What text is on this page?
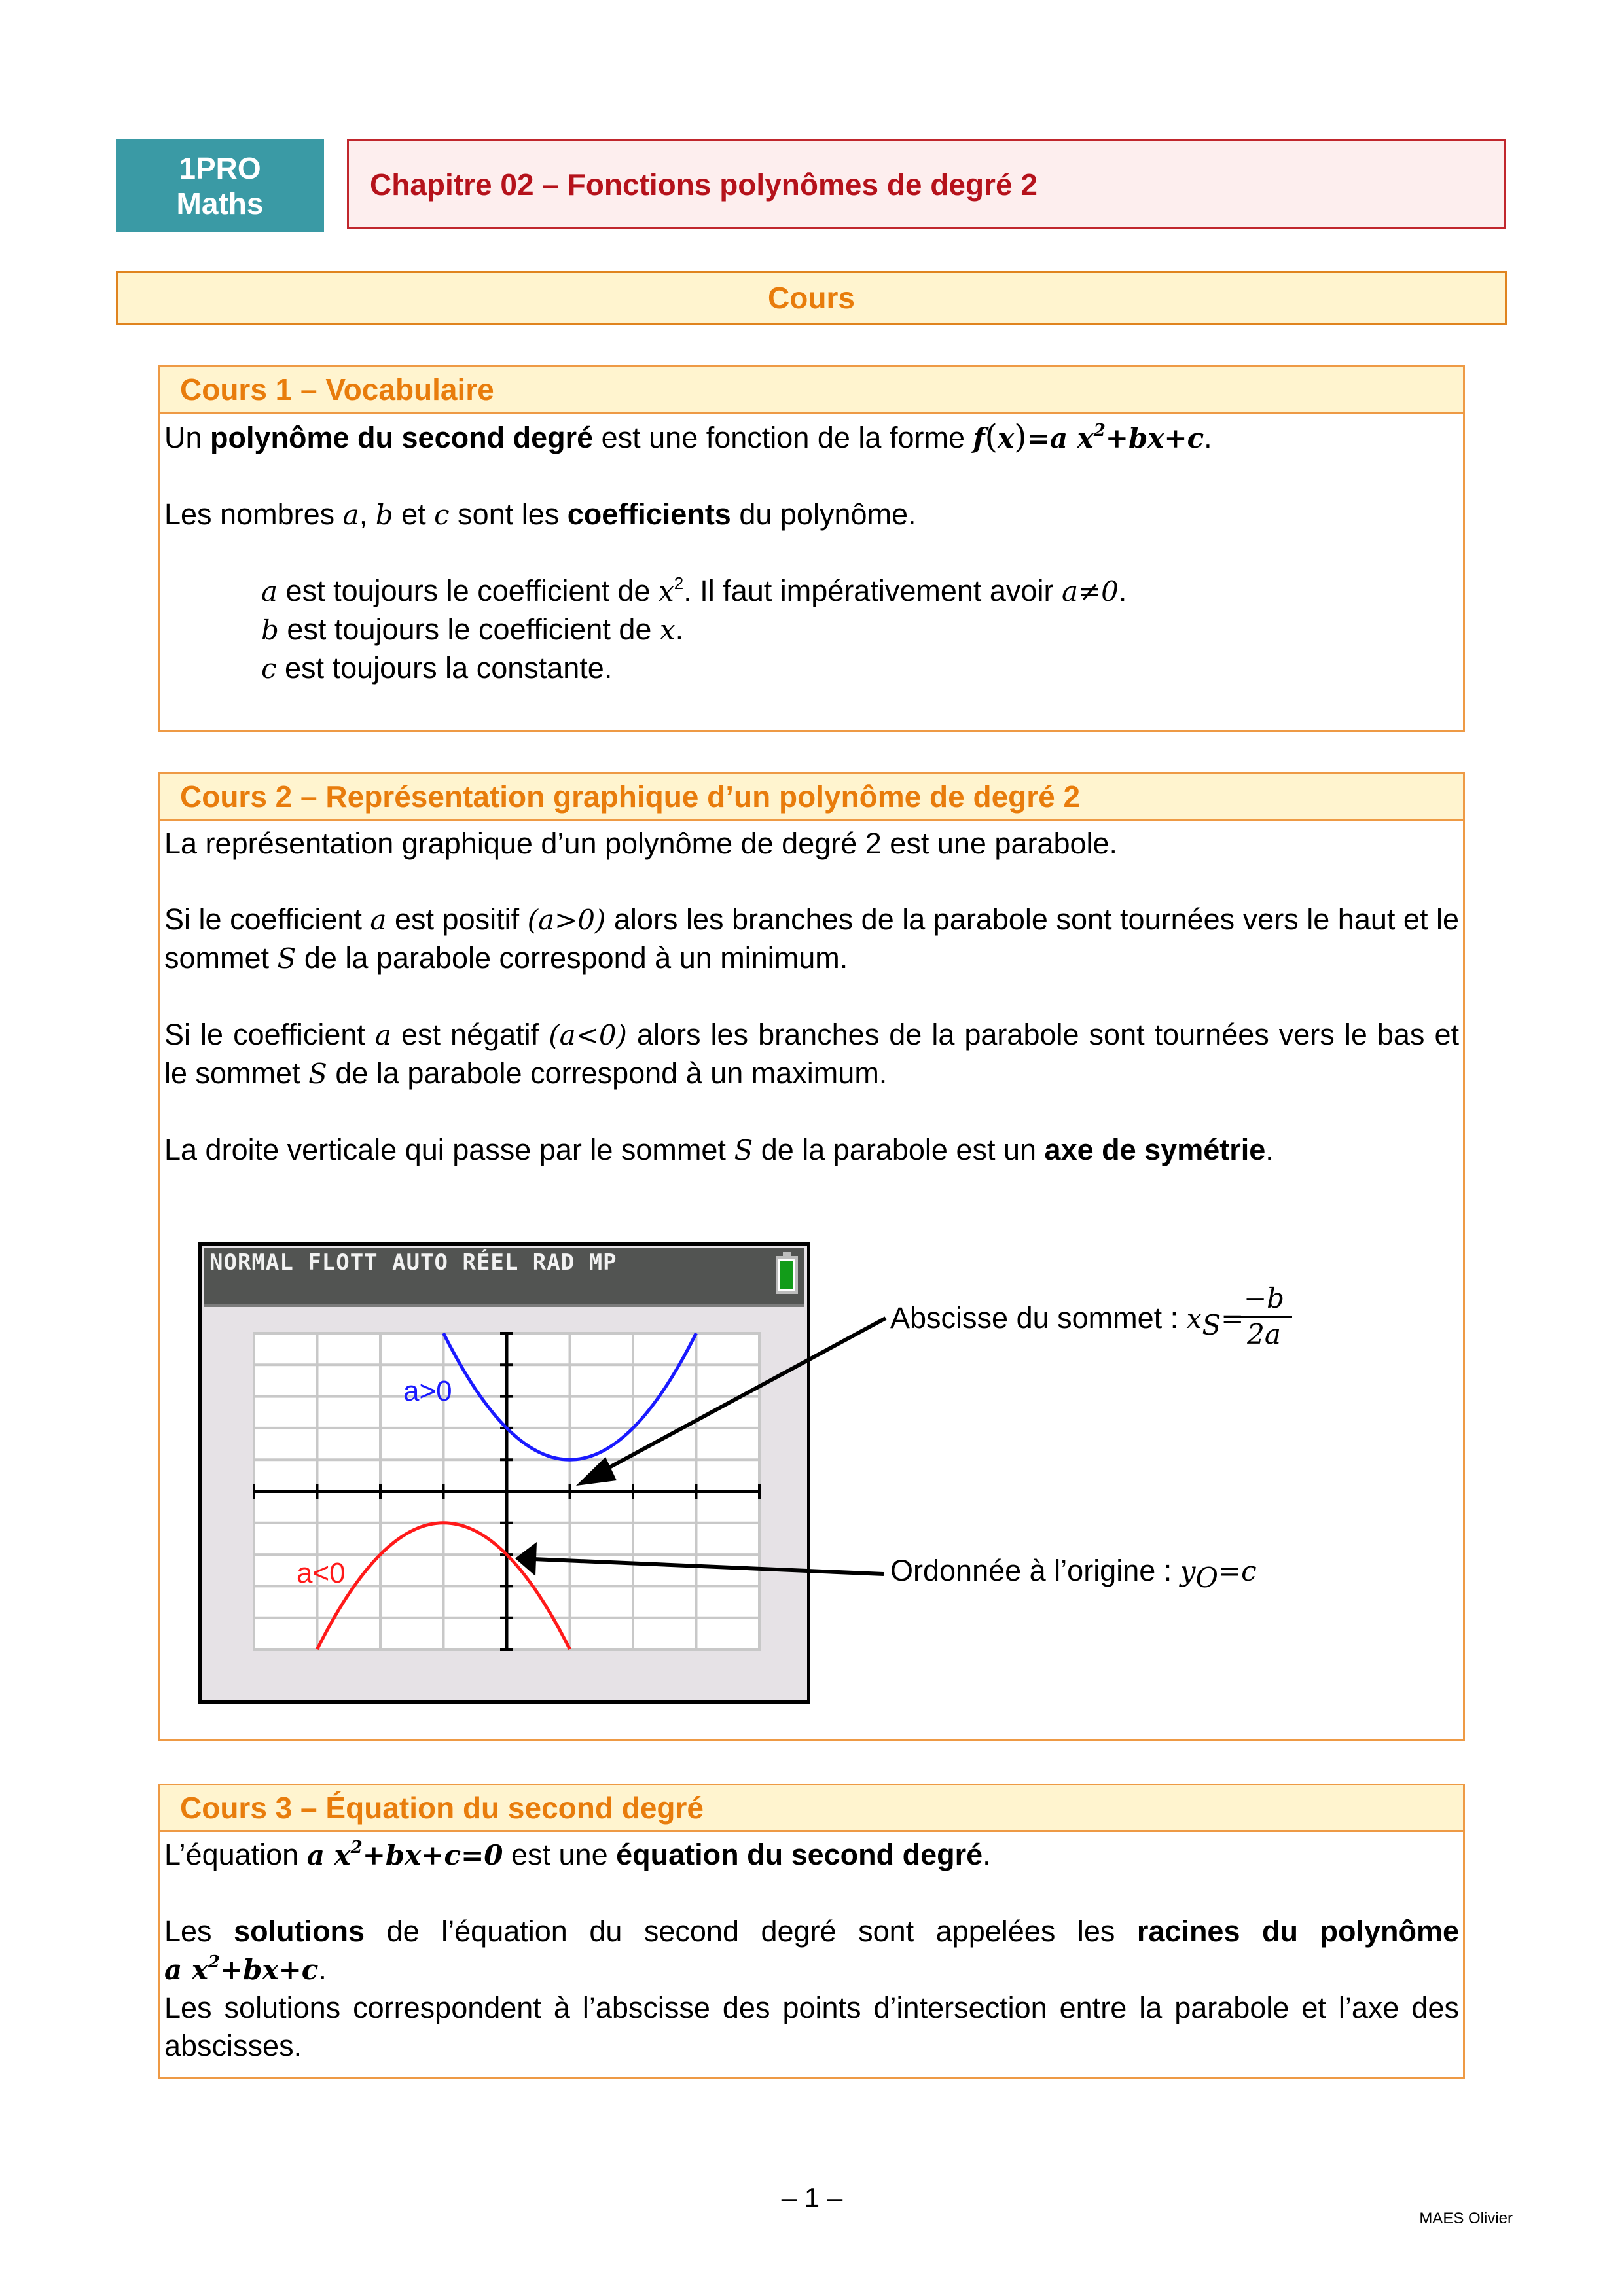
1PRO
Maths
Chapitre 02 – Fonctions polynômes de degré 2
Cours
Cours 1 – Vocabulaire

Un polynôme du second degré est une fonction de la forme f(x)=a $x^2+bx+c$.

Les nombres a, b et c sont les coefficients du polynôme.

a est toujours le coefficient de $x^2$. Il faut impérativement avoir a≠0.

b est toujours le coefficient de x.

c est toujours la constante.

Cours 2 – Représentation graphique d’un polynôme de degré 2

La représentation graphique d’un polynôme de degré 2 est une parabole.

Si le coefficient a est positif (a>0) alors les branches de la parabole sont tournées vers le haut et le sommet S de la parabole correspond à un minimum.

Si le coefficient a est négatif (a<0) alors les branches de la parabole sont tournées vers le bas et le sommet S de la parabole correspond à un maximum.

La droite verticale qui passe par le sommet S de la parabole est un axe de symétrie.

NORMAL FLOTT AUTO RÉEL RAD MP
a>0
a<0
Abscisse du sommet : $x_S=$
−b
2a
Ordonnée à l’origine : $y_O=c$
Cours 3 – Équation du second degré

L’équation a $x^2+bx+c=0$ est une équation du second degré.

Les solutions de l’équation du second degré sont appelées les racines du polynôme

a $x^2+bx+c$.

Les solutions correspondent à l’abscisse des points d’intersection entre la parabole et l’axe des abscisses.

– 1 –
MAES Olivier
